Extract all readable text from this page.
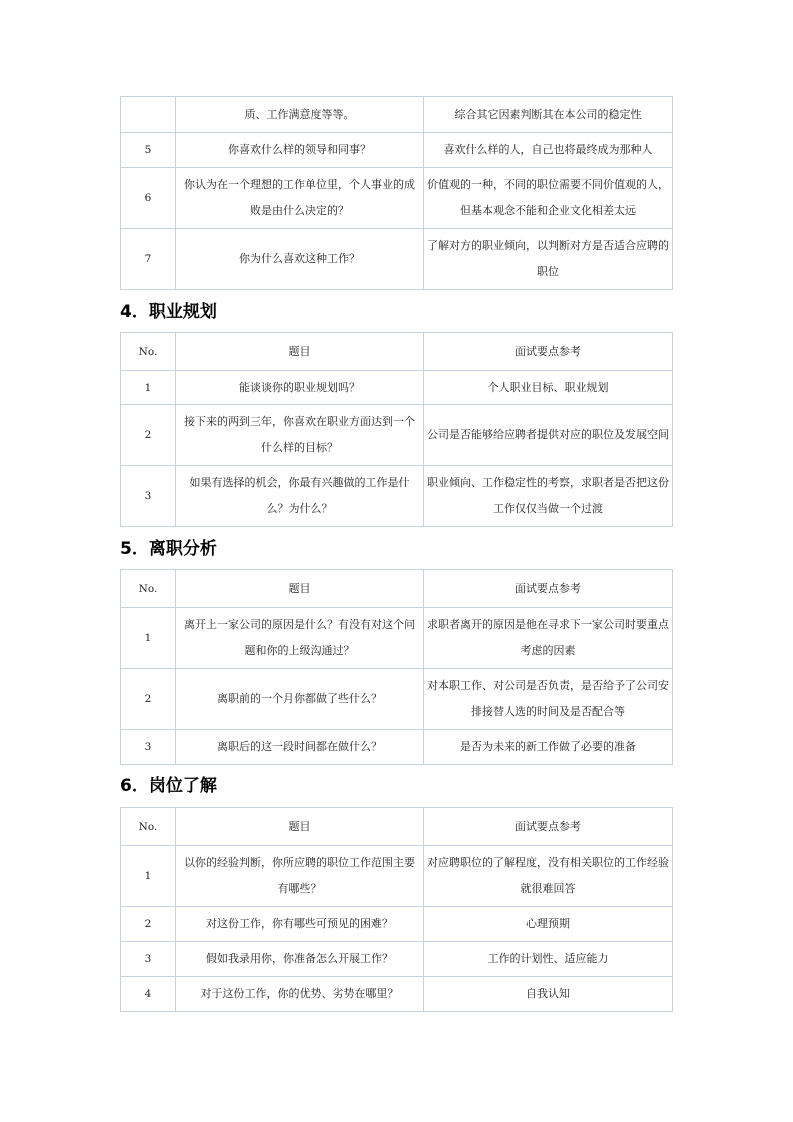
	质、工作满意度等等。	综合其它因素判断其在本公司的稳定性
5	你喜欢什么样的领导和同事？	喜欢什么样的人，自己也将最终成为那种人
6	你认为在一个理想的工作单位里，个人事业的成败是由什么决定的？	价值观的一种，不同的职位需要不同价值观的人，但基本观念不能和企业文化相差太远
7	你为什么喜欢这种工作？	了解对方的职业倾向，以判断对方是否适合应聘的职位
4．职业规划
No.	题目	面试要点参考
1	能谈谈你的职业规划吗？	个人职业目标、职业规划
2	接下来的两到三年，你喜欢在职业方面达到一个什么样的目标？	公司是否能够给应聘者提供对应的职位及发展空间
3	如果有选择的机会，你最有兴趣做的工作是什么？为什么？	职业倾向、工作稳定性的考察，求职者是否把这份工作仅仅当做一个过渡
5．离职分析
No.	题目	面试要点参考
1	离开上一家公司的原因是什么？有没有对这个问题和你的上级沟通过？	求职者离开的原因是他在寻求下一家公司时要重点考虑的因素
2	离职前的一个月你都做了些什么？	对本职工作、对公司是否负责，是否给予了公司安排接替人选的时间及是否配合等
3	离职后的这一段时间都在做什么？	是否为未来的新工作做了必要的准备
6．岗位了解
No.	题目	面试要点参考
1	以你的经验判断，你所应聘的职位工作范围主要有哪些？	对应聘职位的了解程度，没有相关职位的工作经验就很难回答
2	对这份工作，你有哪些可预见的困难？	心理预期
3	假如我录用你，你准备怎么开展工作？	工作的计划性、适应能力
4	对于这份工作，你的优势、劣势在哪里？	自我认知
